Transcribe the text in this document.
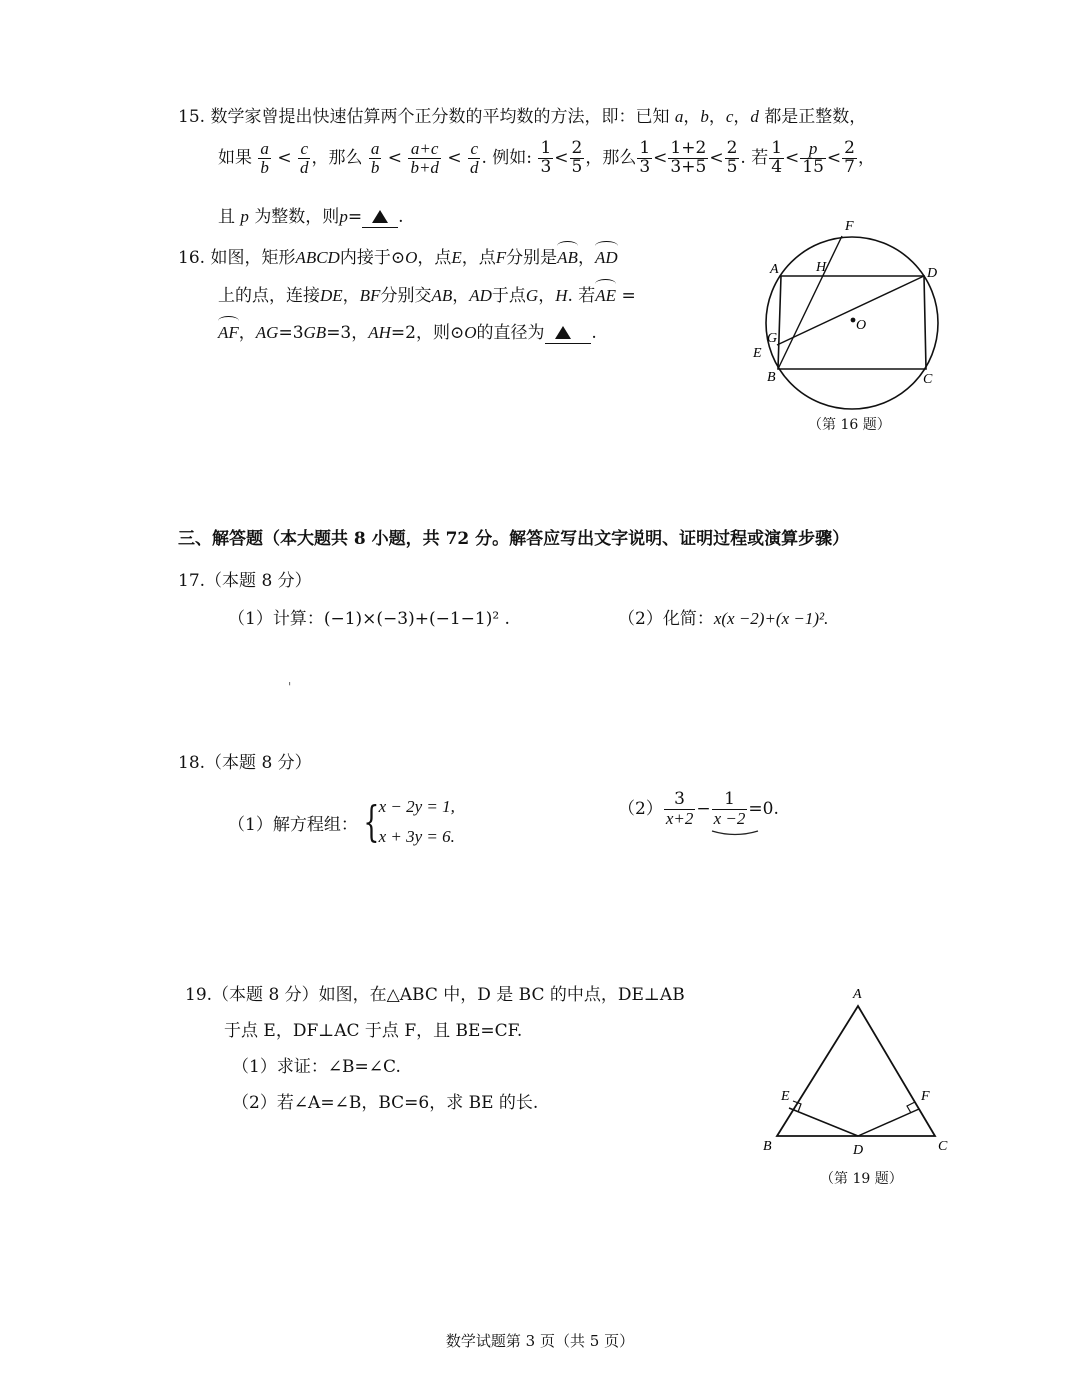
15. 数学家曾提出快速估算两个正分数的平均数的方法，即：已知 a，b，c，d 都是正整数，
如果 $\frac{a}{b} < \frac{c}{d}$ ，那么 $\frac{a}{b} < \frac{a+c}{b+d} < \frac{c}{d}$ . 例如: $\frac{1}{3} < \frac{2}{5}$ ，那么 $\frac{1}{3} < \frac{1+2}{3+5} < \frac{2}{5}$ . 若 $\frac{1}{4} < \frac{p}{15} < \frac{2}{7}$ ，
且 p 为整数，则p= .
16. 如图，矩形ABCD内接于⊙O，点E，点F分别是AB，AD
上的点，连接DE，BF分别交AB，AD于点G，H. 若AE =
AF，AG=3GB=3，AH=2，则⊙O的直径为	.
A
F
H	D
G
O
E
B	C
（第 16 题）
三、解答题（本大题共 8 小题，共 72 分。解答应写出文字说明、证明过程或演算步骤）
17.（本题 8 分）
（1）计算：(−1)×(−3)+(−1−1)² .	（2）化简：x(x −2)+(x −1)².
'
18.（本题 8 分）
（1）解方程组： { x − 2y = 1,
x + 3y = 6.
$(2) \frac{3}{x+2} - \frac{1}{x -2} =0$.
19.（本题 8 分）如图，在△ABC 中，D 是 BC 的中点，DE⊥AB
于点 E，DF⊥AC 于点 F，且 BE=CF.
（1）求证：∠B=∠C.
（2）若∠A=∠B，BC=6，求 BE 的长.
A
E	F
B	D	C
（第 19 题）
数学试题第 3 页（共 5 页）
